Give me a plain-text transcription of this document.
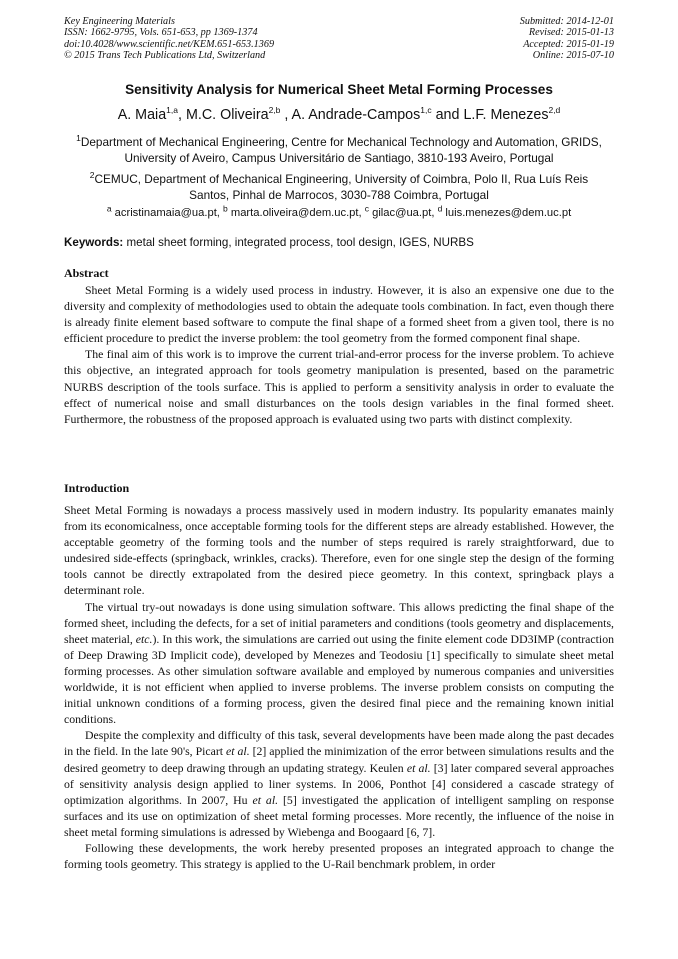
Key Engineering Materials
ISSN: 1662-9795, Vols. 651-653, pp 1369-1374
doi:10.4028/www.scientific.net/KEM.651-653.1369
© 2015 Trans Tech Publications Ltd, Switzerland
Submitted: 2014-12-01
Revised: 2015-01-13
Accepted: 2015-01-19
Online: 2015-07-10
Sensitivity Analysis for Numerical Sheet Metal Forming Processes
A. Maia$^{1,a}$, M.C. Oliveira$^{2,b}$ , A. Andrade-Campos$^{1,c}$ and L.F. Menezes$^{2,d}$
$^1$Department of Mechanical Engineering, Centre for Mechanical Technology and Automation, GRIDS, University of Aveiro, Campus Universitário de Santiago, 3810-193 Aveiro, Portugal
$^2$CEMUC, Department of Mechanical Engineering, University of Coimbra, Polo II, Rua Luís Reis Santos, Pinhal de Marrocos, 3030-788 Coimbra, Portugal
$^a$ acristinamaia@ua.pt, $^b$ marta.oliveira@dem.uc.pt, $^c$ gilac@ua.pt, $^d$ luis.menezes@dem.uc.pt
Keywords: metal sheet forming, integrated process, tool design, IGES, NURBS
Abstract

Sheet Metal Forming is a widely used process in industry. However, it is also an expensive one due to the diversity and complexity of methodologies used to obtain the adequate tools combination. In fact, even though there is already finite element based software to compute the final shape of a formed sheet from a given tool, there is no efficient procedure to predict the inverse problem: the tool geometry from the formed component final shape.

The final aim of this work is to improve the current trial-and-error process for the inverse problem. To achieve this objective, an integrated approach for tools geometry manipulation is presented, based on the parametric NURBS description of the tools surface. This is applied to perform a sensitivity analysis in order to evaluate the effect of numerical noise and small disturbances on the tools design variables in the final formed sheet. Furthermore, the robustness of the proposed approach is evaluated using two parts with distinct complexity.

Introduction

Sheet Metal Forming is nowadays a process massively used in modern industry. Its popularity emanates mainly from its economicalness, once acceptable forming tools for the different steps are already established. However, the acceptable geometry of the forming tools and the number of steps required is rarely straightforward, due to undesired side-effects (springback, wrinkles, cracks). Therefore, even for one single step the design of the forming tools cannot be directly extrapolated from the desired piece geometry. In this context, springback plays a determinant role.

The virtual try-out nowadays is done using simulation software. This allows predicting the final shape of the formed sheet, including the defects, for a set of initial parameters and conditions (tools geometry and displacements, sheet material, etc.). In this work, the simulations are carried out using the finite element code DD3IMP (contraction of Deep Drawing 3D Implicit code), developed by Menezes and Teodosiu [1] specifically to simulate sheet metal forming processes. As other simulation software available and employed by numerous companies and universities worldwide, it is not efficient when applied to inverse problems. The inverse problem consists on computing the initial unknown conditions of a forming process, given the desired final piece and the remaining known initial conditions.

Despite the complexity and difficulty of this task, several developments have been made along the past decades in the field. In the late 90's, Picart et al. [2] applied the minimization of the error between simulations results and the desired geometry to deep drawing through an updating strategy. Keulen et al. [3] later compared several approaches of sensitivity analysis design applied to liner systems. In 2006, Ponthot [4] considered a cascade strategy of optimization algorithms. In 2007, Hu et al. [5] investigated the application of intelligent sampling on response surfaces and its use on optimization of sheet metal forming processes. More recently, the influence of the noise in sheet metal forming simulations is adressed by Wiebenga and Boogaard [6, 7].

Following these developments, the work hereby presented proposes an integrated approach to change the forming tools geometry. This strategy is applied to the U-Rail benchmark problem, in order
